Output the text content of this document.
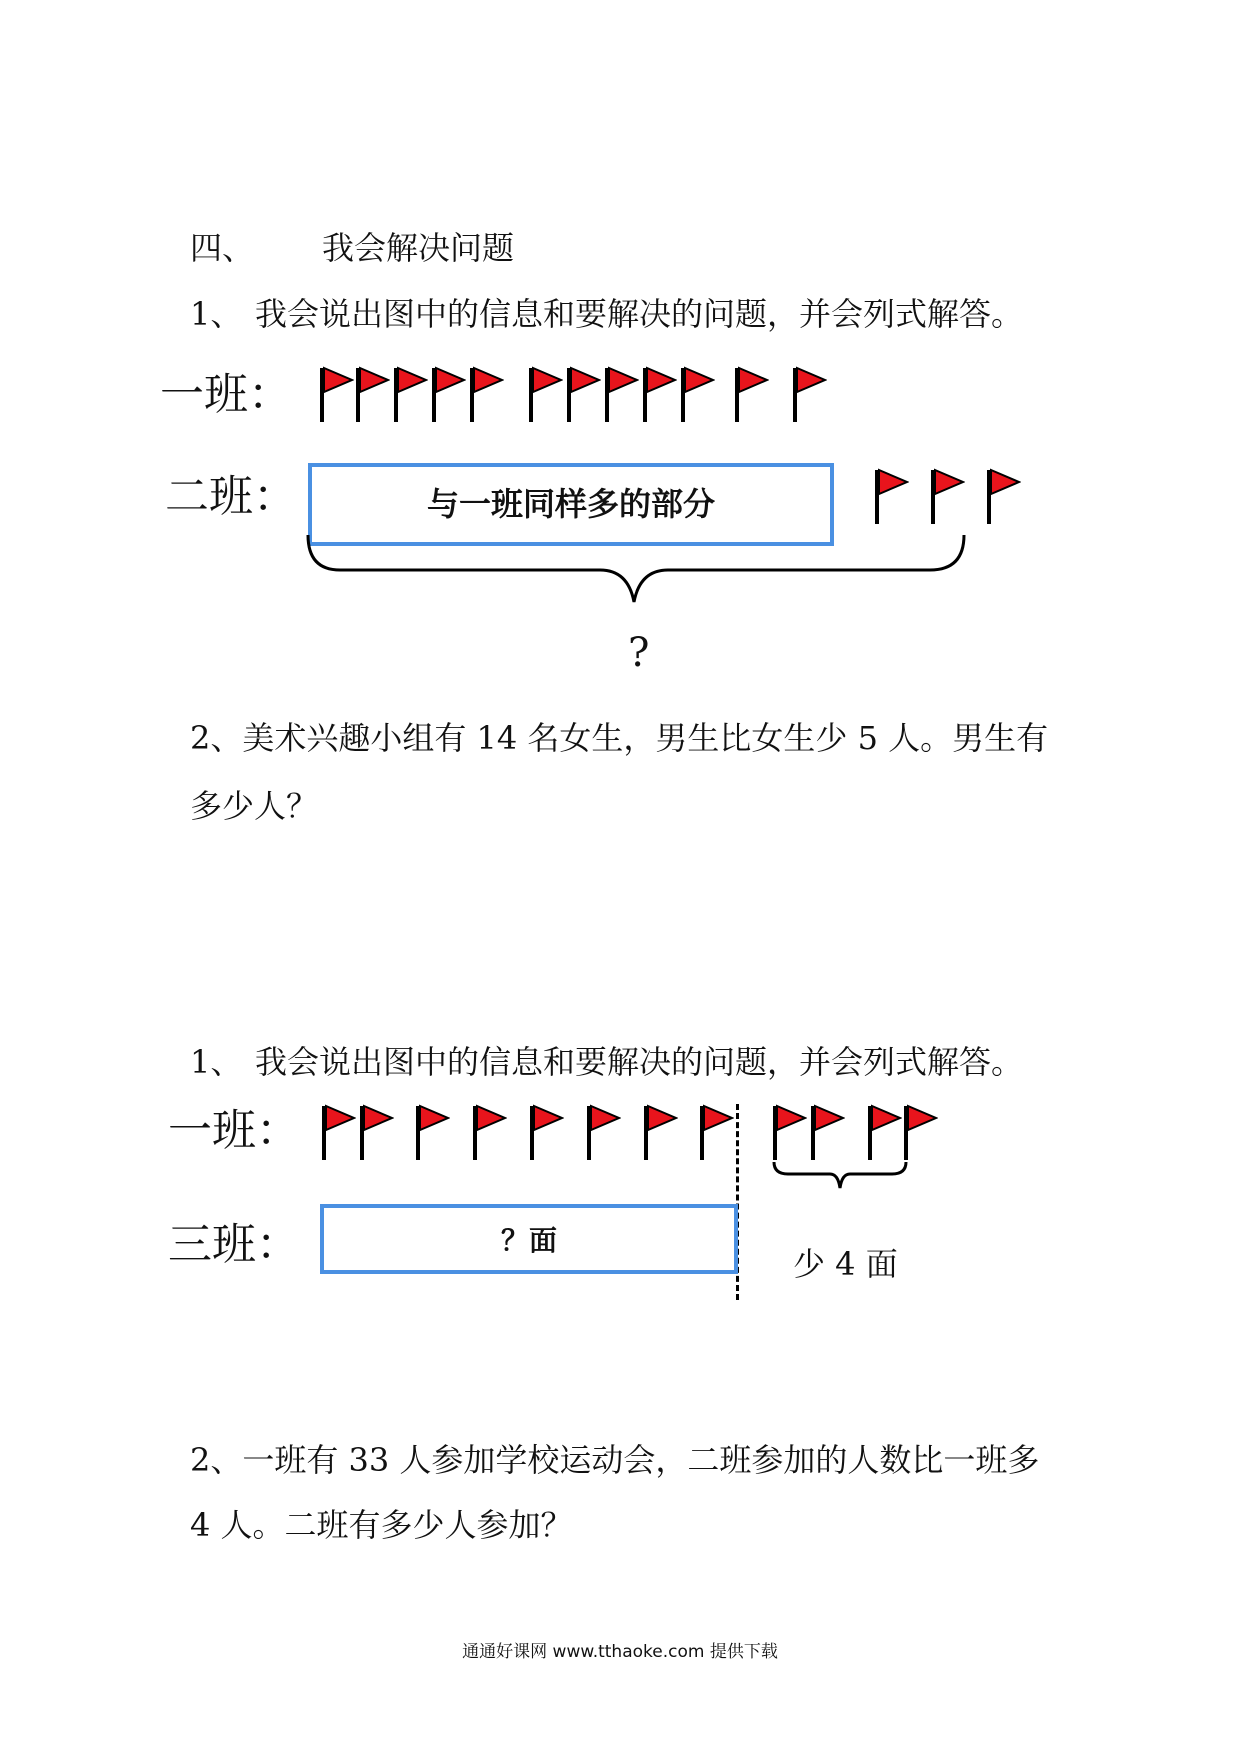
四、 我会解决问题
1、 我会说出图中的信息和要解决的问题，并会列式解答。
一班：
二班：	与一班同样多的部分
?
2、美术兴趣小组有 14 名女生，男生比女生少 5 人。男生有
多少人？
1、 我会说出图中的信息和要解决的问题，并会列式解答。
一班：
三班：	？面
少 4 面
2、一班有 33 人参加学校运动会，二班参加的人数比一班多
4 人。二班有多少人参加？
通通好课网 www.tthaoke.com 提供下载
